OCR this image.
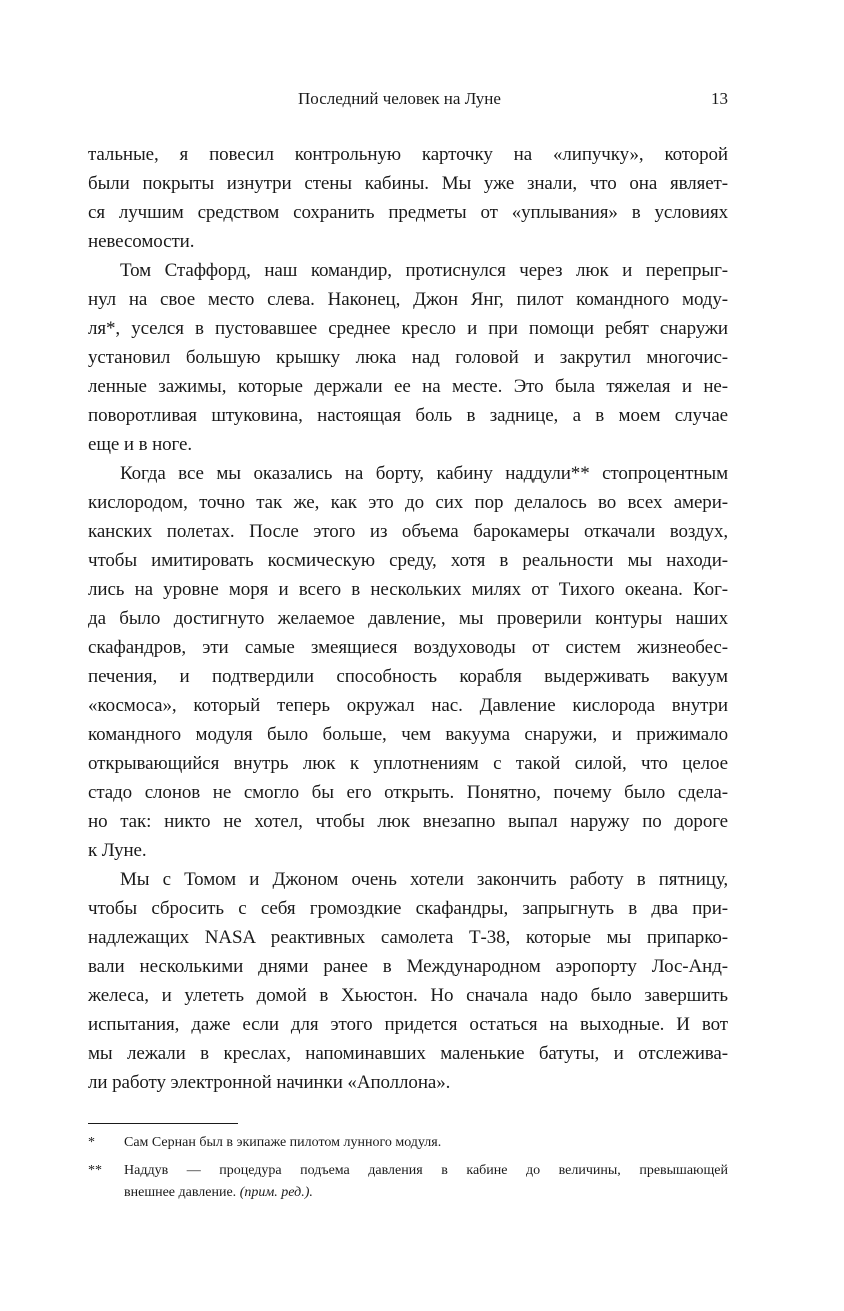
Последний человек на Луне	13
тальные, я повесил контрольную карточку на «липучку», которой
были покрыты изнутри стены кабины. Мы уже знали, что она являет-
ся лучшим средством сохранить предметы от «уплывания» в условиях
невесомости.
Том Стаффорд, наш командир, протиснулся через люк и перепрыг-
нул на свое место слева. Наконец, Джон Янг, пилот командного моду-
ля*, уселся в пустовавшее среднее кресло и при помощи ребят снаружи
установил большую крышку люка над головой и закрутил многочис-
ленные зажимы, которые держали ее на месте. Это была тяжелая и не-
поворотливая штуковина, настоящая боль в заднице, а в моем случае
еще и в ноге.
Когда все мы оказались на борту, кабину наддули** стопроцентным
кислородом, точно так же, как это до сих пор делалось во всех амери-
канских полетах. После этого из объема барокамеры откачали воздух,
чтобы имитировать космическую среду, хотя в реальности мы находи-
лись на уровне моря и всего в нескольких милях от Тихого океана. Ког-
да было достигнуто желаемое давление, мы проверили контуры наших
скафандров, эти самые змеящиеся воздуховоды от систем жизнеобес-
печения, и подтвердили способность корабля выдерживать вакуум
«космоса», который теперь окружал нас. Давление кислорода внутри
командного модуля было больше, чем вакуума снаружи, и прижимало
открывающийся внутрь люк к уплотнениям с такой силой, что целое
стадо слонов не смогло бы его открыть. Понятно, почему было сдела-
но так: никто не хотел, чтобы люк внезапно выпал наружу по дороге
к Луне.
Мы с Томом и Джоном очень хотели закончить работу в пятницу,
чтобы сбросить с себя громоздкие скафандры, запрыгнуть в два при-
надлежащих NASA реактивных самолета Т-38, которые мы припарко-
вали несколькими днями ранее в Международном аэропорту Лос-Анд-
желеса, и улететь домой в Хьюстон. Но сначала надо было завершить
испытания, даже если для этого придется остаться на выходные. И вот
мы лежали в креслах, напоминавших маленькие батуты, и отслежива-
ли работу электронной начинки «Аполлона».
* Сам Сернан был в экипаже пилотом лунного модуля.
** Наддув — процедура подъема давления в кабине до величины, превышающей
внешнее давление. (прим. ред.).
